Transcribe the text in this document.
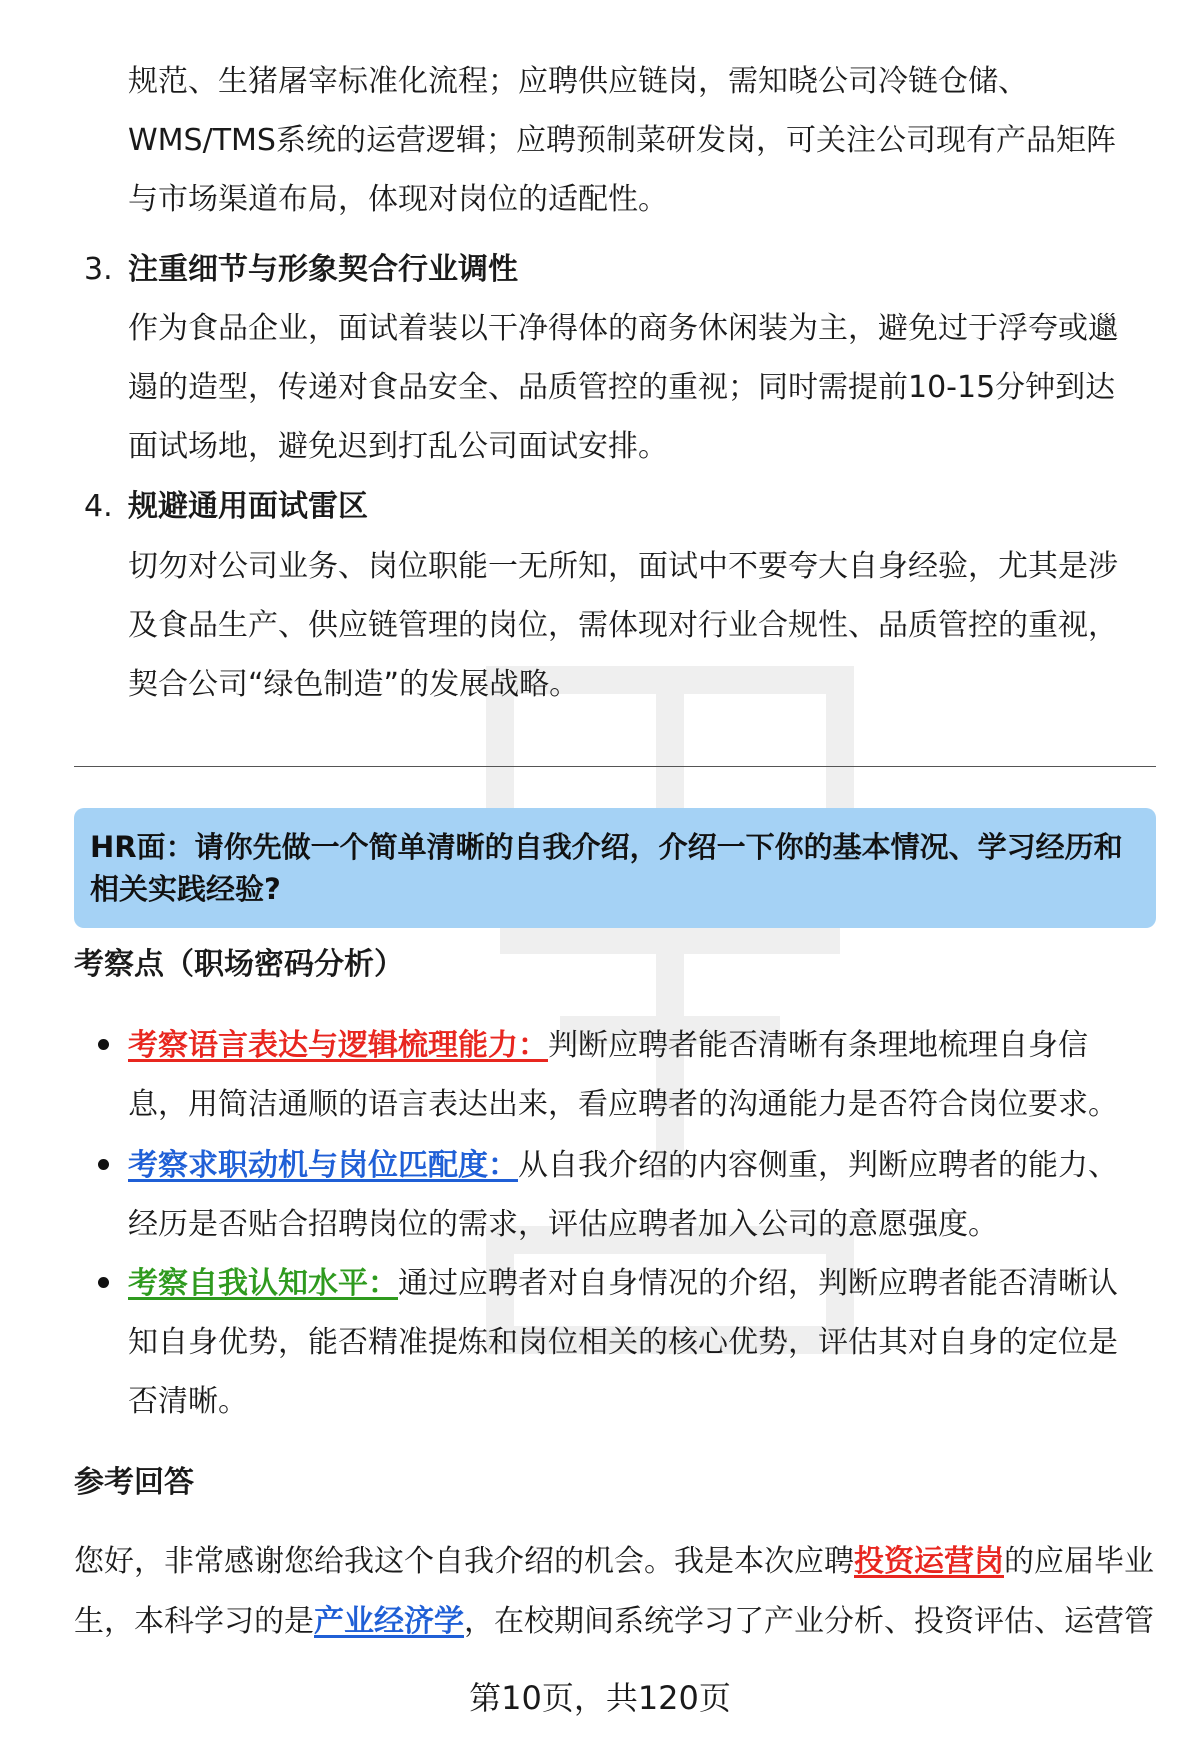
规范、生猪屠宰标准化流程；应聘供应链岗，需知晓公司冷链仓储、WMS/TMS系统的运营逻辑；应聘预制菜研发岗，可关注公司现有产品矩阵与市场渠道布局，体现对岗位的适配性。
3. 注重细节与形象契合行业调性
作为食品企业，面试着装以干净得体的商务休闲装为主，避免过于浮夸或邋遢的造型，传递对食品安全、品质管控的重视；同时需提前10-15分钟到达面试场地，避免迟到打乱公司面试安排。
4. 规避通用面试雷区
切勿对公司业务、岗位职能一无所知，面试中不要夸大自身经验，尤其是涉及食品生产、供应链管理的岗位，需体现对行业合规性、品质管控的重视，契合公司“绿色制造”的发展战略。
HR面：请你先做一个简单清晰的自我介绍，介绍一下你的基本情况、学习经历和相关实践经验?
考察点（职场密码分析）
考察语言表达与逻辑梳理能力：判断应聘者能否清晰有条理地梳理自身信息，用简洁通顺的语言表达出来，看应聘者的沟通能力是否符合岗位要求。
考察求职动机与岗位匹配度：从自我介绍的内容侧重，判断应聘者的能力、经历是否贴合招聘岗位的需求，评估应聘者加入公司的意愿强度。
考察自我认知水平：通过应聘者对自身情况的介绍，判断应聘者能否清晰认知自身优势，能否精准提炼和岗位相关的核心优势，评估其对自身的定位是否清晰。
参考回答
您好，非常感谢您给我这个自我介绍的机会。我是本次应聘投资运营岗的应届毕业生，本科学习的是产业经济学，在校期间系统学习了产业分析、投资评估、运营管
第10页，共120页
